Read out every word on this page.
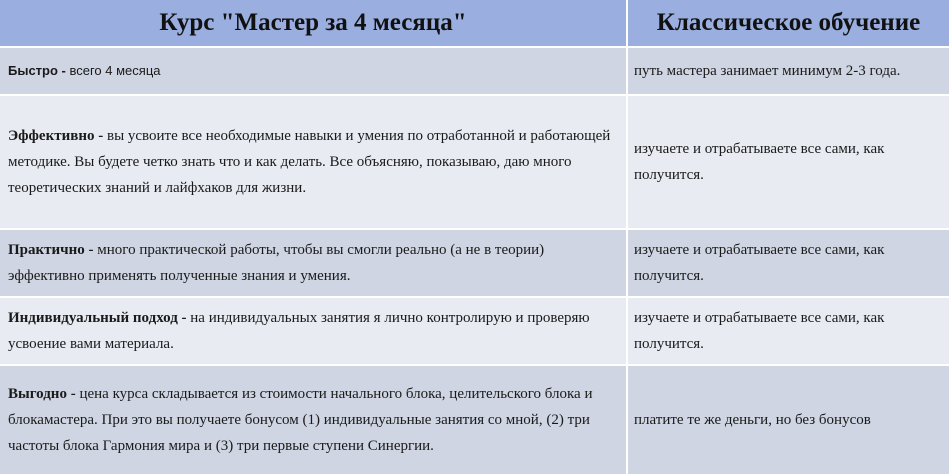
Курс "Мастер за 4 месяца"	Классическое обучение
Быстро - всего 4 месяца	путь мастера занимает минимум 2-3 года.
Эффективно - вы усвоите все необходимые навыки и умения по отработанной и работающей методике. Вы будете четко знать что и как делать. Все объясняю, показываю, даю много теоретических знаний и лайфхаков для жизни.	изучаете и отрабатываете все сами, как получится.
Практично - много практической работы, чтобы вы смогли реально (а не в теории) эффективно применять полученные знания и умения.	изучаете и отрабатываете все сами, как получится.
Индивидуальный подход - на индивидуальных занятия я лично контролирую и проверяю усвоение вами материала.	изучаете и отрабатываете все сами, как получится.
Выгодно - цена курса складывается из стоимости начального блока, целительского блока и блокамастера. При это вы получаете бонусом (1) индивидуальные занятия со мной, (2) три частоты блока Гармония мира и (3) три первые ступени Синергии.	платите те же деньги, но без бонусов
